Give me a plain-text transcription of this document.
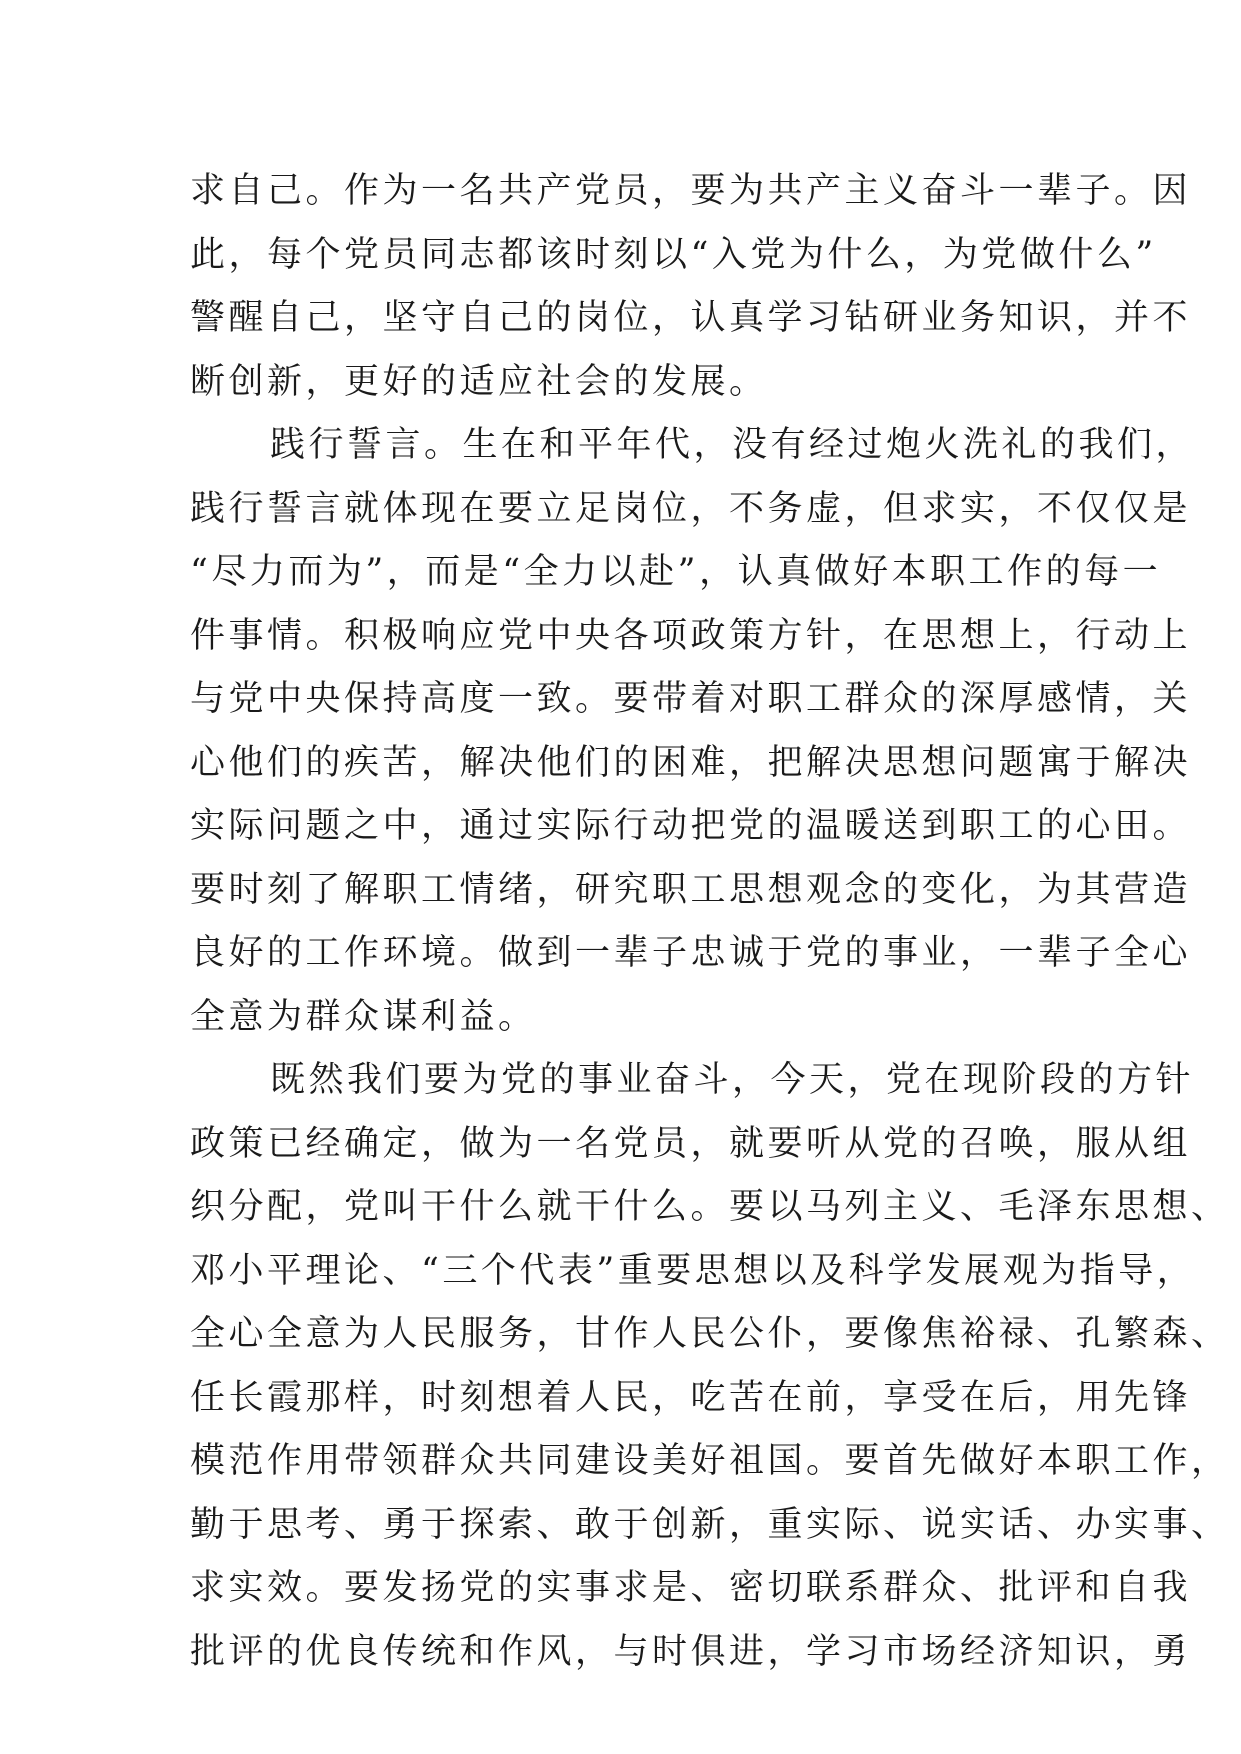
求自己。作为一名共产党员，要为共产主义奋斗一辈子。因
此，每个党员同志都该时刻以“入党为什么，为党做什么”
警醒自己，坚守自己的岗位，认真学习钻研业务知识，并不
断创新，更好的适应社会的发展。
践行誓言。生在和平年代，没有经过炮火洗礼的我们，
践行誓言就体现在要立足岗位，不务虚，但求实，不仅仅是
“尽力而为”，而是“全力以赴”，认真做好本职工作的每一
件事情。积极响应党中央各项政策方针，在思想上，行动上
与党中央保持高度一致。要带着对职工群众的深厚感情，关
心他们的疾苦，解决他们的困难，把解决思想问题寓于解决
实际问题之中，通过实际行动把党的温暖送到职工的心田。
要时刻了解职工情绪，研究职工思想观念的变化，为其营造
良好的工作环境。做到一辈子忠诚于党的事业，一辈子全心
全意为群众谋利益。
既然我们要为党的事业奋斗，今天，党在现阶段的方针
政策已经确定，做为一名党员，就要听从党的召唤，服从组
织分配，党叫干什么就干什么。要以马列主义、毛泽东思想、
邓小平理论、“三个代表”重要思想以及科学发展观为指导，
全心全意为人民服务，甘作人民公仆，要像焦裕禄、孔繁森、
任长霞那样，时刻想着人民，吃苦在前，享受在后，用先锋
模范作用带领群众共同建设美好祖国。要首先做好本职工作，
勤于思考、勇于探索、敢于创新，重实际、说实话、办实事、
求实效。要发扬党的实事求是、密切联系群众、批评和自我
批评的优良传统和作风，与时俱进，学习市场经济知识，勇
